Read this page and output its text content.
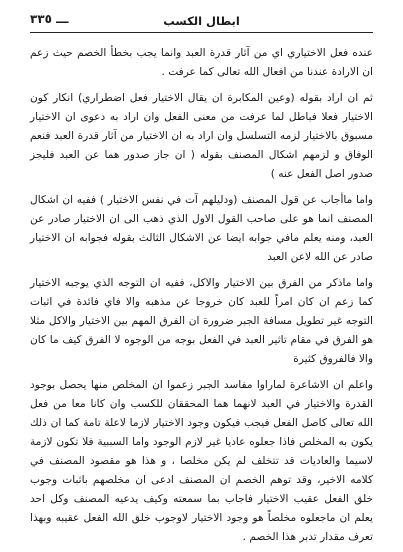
ابطال الكسب
ـــ ٣٣٥

عنده فعل الاختياري اي من آثار قدرة العبد وانما يجب بخطأ الخصم حيث زعم ان الارادة عندنا من افعال الله تعالى كما عرفت .

ثم ان اراد بقوله (وعين المكابرة ان يقال الاختيار فعل اضطراري) انكار كون الاختيار فعلا فباطل لما عرفت من معنى الفعل وان اراد به دعوى ان الاختيار مسبوق بالاختيار لزمه التسلسل وان اراد به ان الاختيار من آثار قدرة العبد فنعم الوفاق و لزمهم اشكال المصنف بقوله ( ان جاز صدور هما عن العبد فليجز صدور اصل الفعل عنه )

واما ماأجاب عن قول المصنف (ودليلهم آت في نفس الاختيار ) ففيه ان اشكال المصنف انما هو على صاحب القول الاول الذي ذهب الى ان الاختيار صادر عن العبد، ومنه يعلم مافي جوابه ايضا عن الاشكال الثالث بقوله فجوابه ان الاختيار صادر عن الله لاعن العبد

واما ماذكر من الفرق بين الاختيار والاكل، ففيه ان التوجه الذي يوجبه الاختيار كما زعم ان كان امراً للعبد كان خروجا عن مذهبه والا فاي فائدة في اثبات التوجه غير تطويل مسافة الجبر ضرورة ان الفرق المهم بين الاختيار والاكل مثلا هو الفرق في مقام تاثير العبد في الفعل بوجه من الوجوه لا الفرق كيف ما كان والا فالفروق كثيرة

واعلم ان الاشاعرة لماراوا مفاسد الجبر زعموا ان المخلص منها يحصل بوجود القدرة والاختيار في العبد لانهما هما المحققان للكسب وان كانا معا من فعل الله تعالى كاصل الفعل فيجب فيكون وجود الاختيار لازما لاعلة تامة كما ان ذلك يكون به المخلص فاذا جعلوه عاديا غير لازم الوجود واما السببية فلا تكون لازمة لاسيما والعاديات قد تتخلف لم يكن مخلصا ، و هذا هو مقصود المصنف في كلامه الاخير، وقد توهم الخصم ان المصنف ادعى ان مخلصهم باثبات وجوب خلق الفعل عقيب الاختيار فاجاب بما سمعته وكيف يدعيه المصنف وكل احد يعلم ان ماجعلوه مخلصاً هو وجود الاختيار لاوجوب خلق الله الفعل عقيبه وبهذا تعرف مقدار تدبر هذا الخصم .
